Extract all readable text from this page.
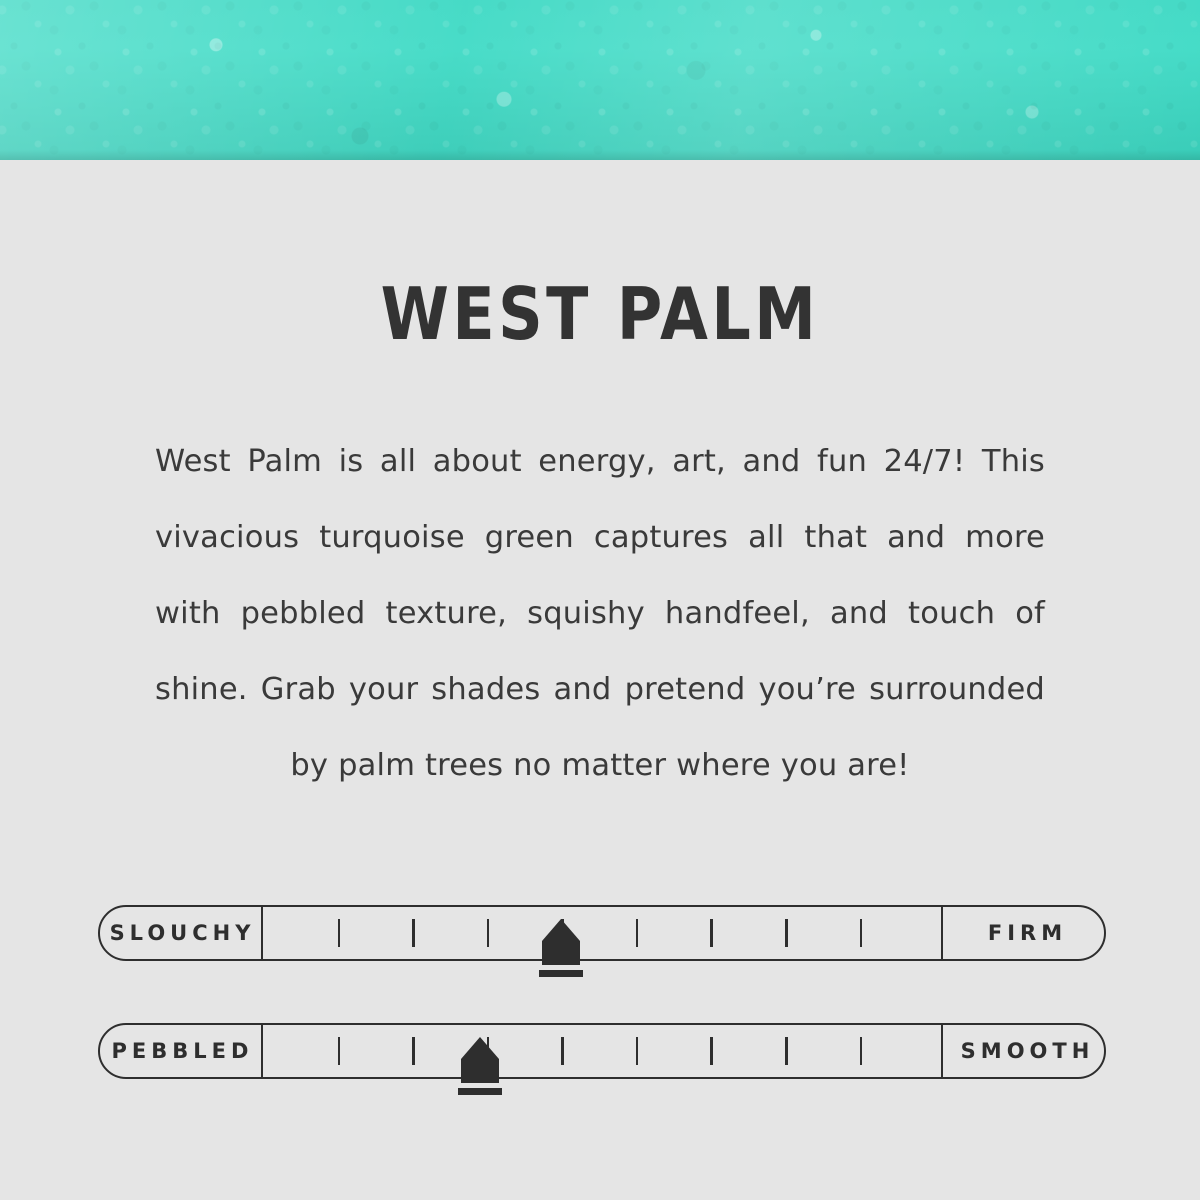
WEST PALM
West Palm is all about energy, art, and fun 24/7! This vivacious turquoise green captures all that and more with pebbled texture, squishy handfeel, and touch of shine. Grab your shades and pretend you’re surrounded by palm trees no matter where you are!
SLOUCHY	FIRM
PEBBLED	SMOOTH
